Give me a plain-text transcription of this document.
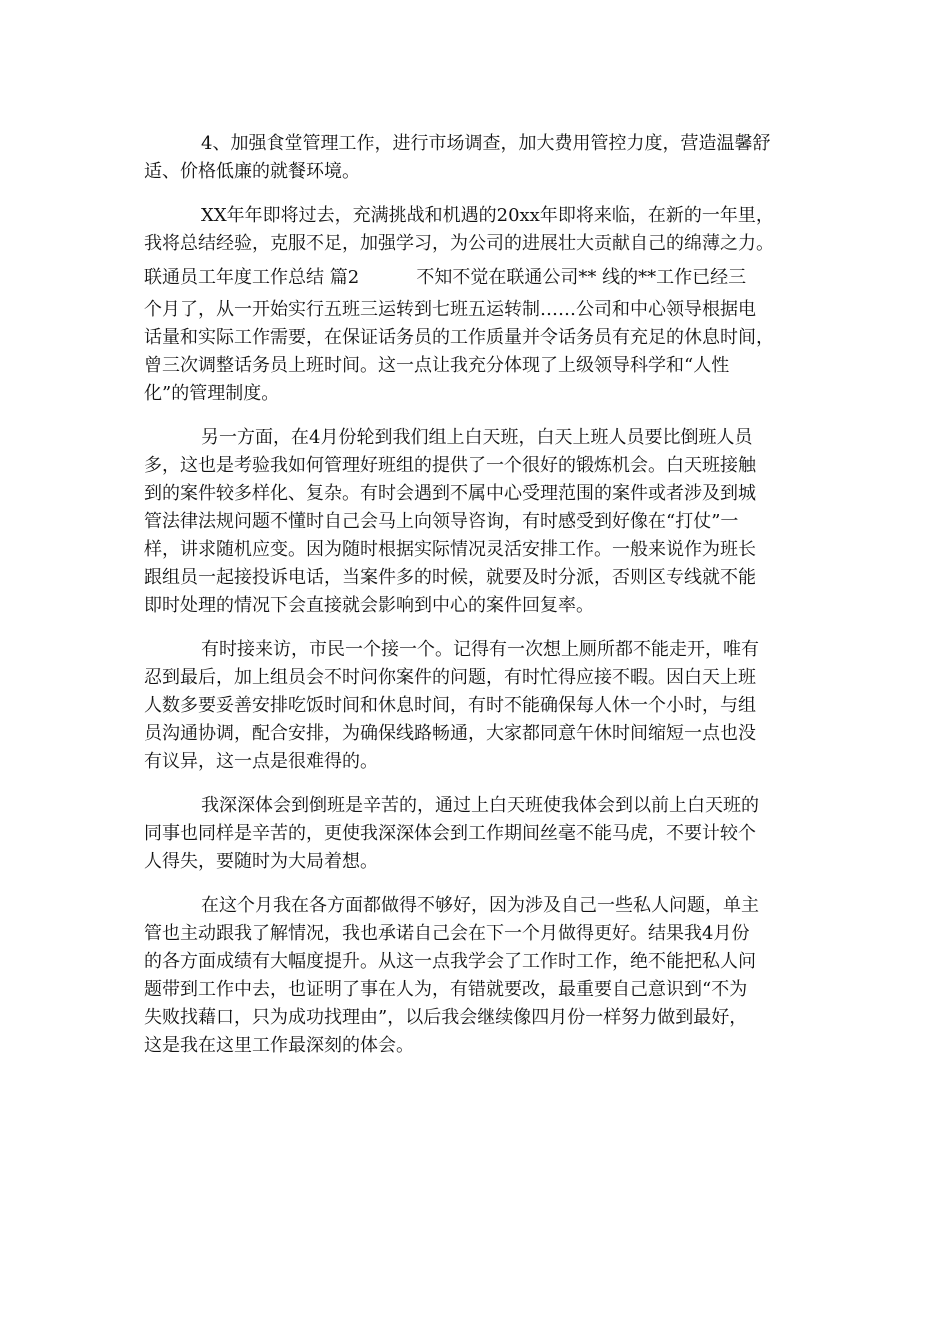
4、加强食堂管理工作，进行市场调查，加大费用管控力度，营造温馨舒

适、价格低廉的就餐环境。

XX年年即将过去，充满挑战和机遇的20xx年即将来临，在新的一年里，

我将总结经验，克服不足，加强学习，为公司的进展壮大贡献自己的绵薄之力。

联通员工年度工作总结 篇2          不知不觉在联通公司** 线的**工作已经三

个月了，从一开始实行五班三运转到七班五运转制……公司和中心领导根据电

话量和实际工作需要，在保证话务员的工作质量并令话务员有充足的休息时间，

曾三次调整话务员上班时间。这一点让我充分体现了上级领导科学和“人性

化”的管理制度。

另一方面，在4月份轮到我们组上白天班，白天上班人员要比倒班人员

多，这也是考验我如何管理好班组的提供了一个很好的锻炼机会。白天班接触

到的案件较多样化、复杂。有时会遇到不属中心受理范围的案件或者涉及到城

管法律法规问题不懂时自己会马上向领导咨询，有时感受到好像在“打仗”一

样，讲求随机应变。因为随时根据实际情况灵活安排工作。一般来说作为班长

跟组员一起接投诉电话，当案件多的时候，就要及时分派，否则区专线就不能

即时处理的情况下会直接就会影响到中心的案件回复率。

有时接来访，市民一个接一个。记得有一次想上厕所都不能走开，唯有

忍到最后，加上组员会不时问你案件的问题，有时忙得应接不暇。因白天上班

人数多要妥善安排吃饭时间和休息时间，有时不能确保每人休一个小时，与组

员沟通协调，配合安排，为确保线路畅通，大家都同意午休时间缩短一点也没

有议异，这一点是很难得的。

我深深体会到倒班是辛苦的，通过上白天班使我体会到以前上白天班的

同事也同样是辛苦的，更使我深深体会到工作期间丝毫不能马虎，不要计较个

人得失，要随时为大局着想。

在这个月我在各方面都做得不够好，因为涉及自己一些私人问题，单主

管也主动跟我了解情况，我也承诺自己会在下一个月做得更好。结果我4月份

的各方面成绩有大幅度提升。从这一点我学会了工作时工作，绝不能把私人问

题带到工作中去，也证明了事在人为，有错就要改，最重要自己意识到“不为

失败找藉口，只为成功找理由”，以后我会继续像四月份一样努力做到最好，

这是我在这里工作最深刻的体会。
